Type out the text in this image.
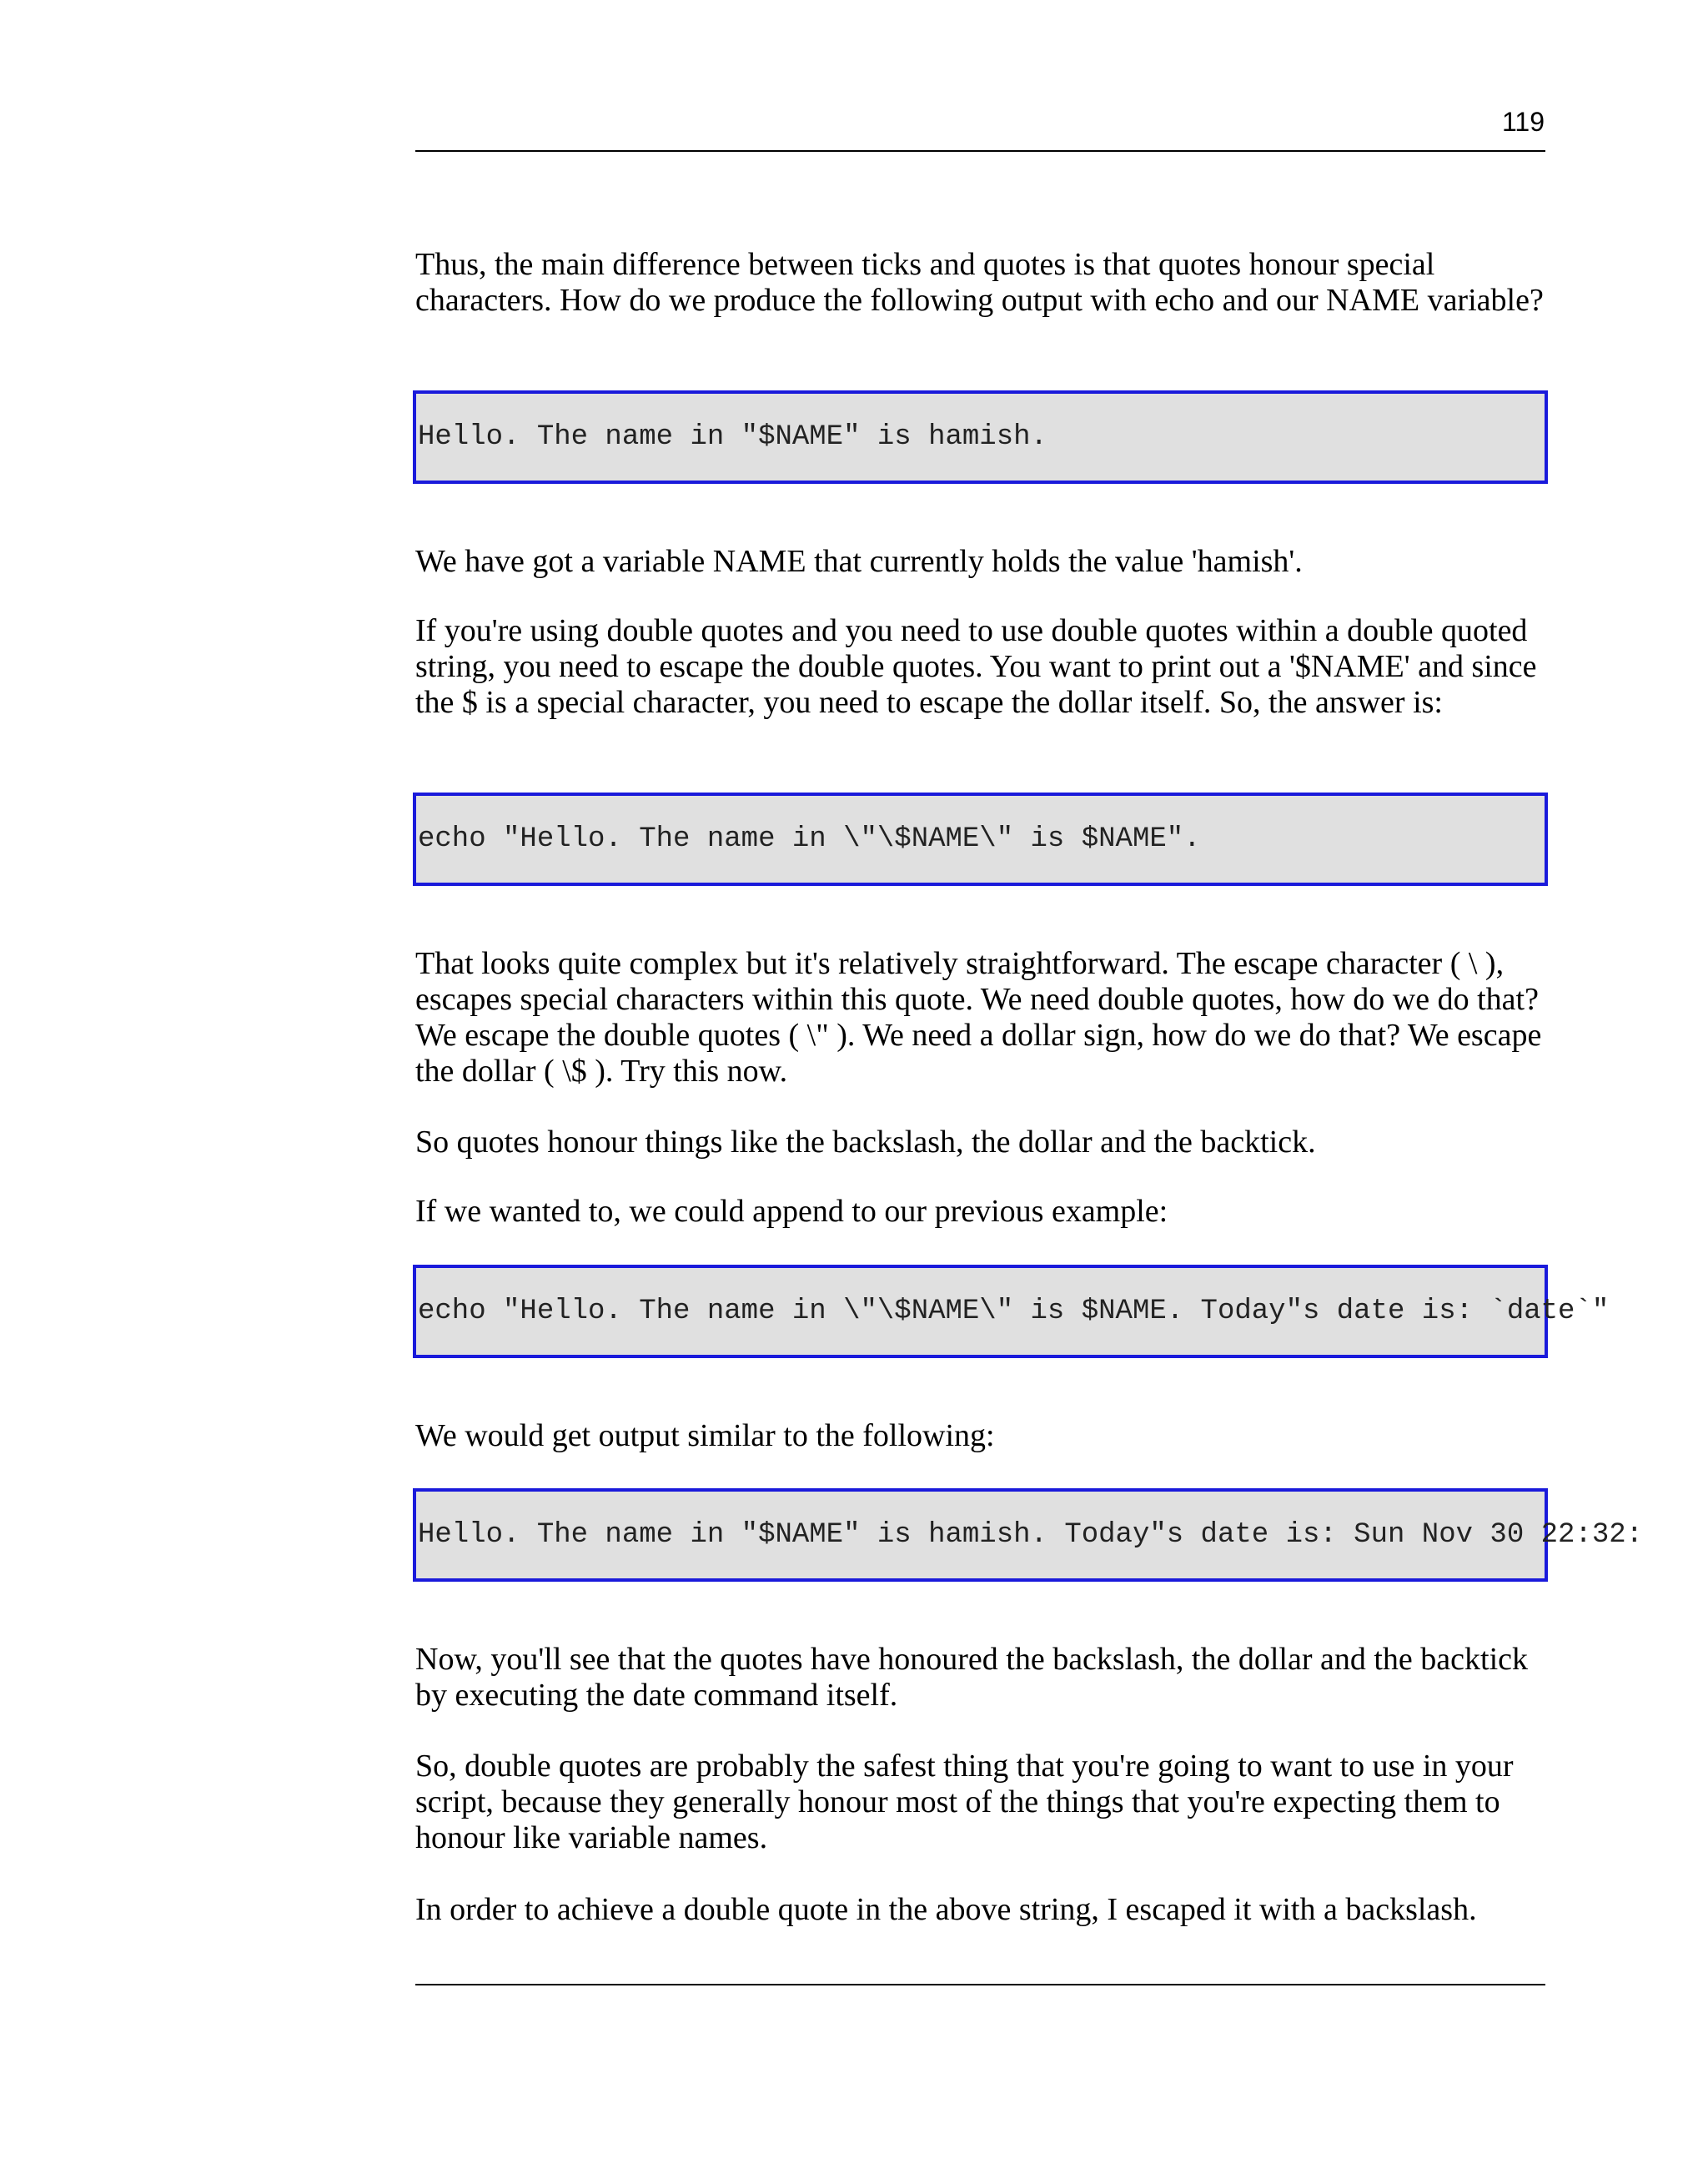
119

Thus, the main difference between ticks and quotes is that quotes honour special characters. How do we produce the following output with echo and our NAME variable?

Hello. The name in "$NAME" is hamish.

We have got a variable NAME that currently holds the value 'hamish'.

If you're using double quotes and you need to use double quotes within a double quoted string, you need to escape the double quotes. You want to print out a '$NAME' and since the $ is a special character, you need to escape the dollar itself. So, the answer is:

echo "Hello. The name in \"\$NAME\" is $NAME".

That looks quite complex but it's relatively straightforward. The escape character ( \ ), escapes special characters within this quote. We need double quotes, how do we do that? We escape the double quotes ( \" ). We need a dollar sign, how do we do that? We escape the dollar ( \$ ). Try this now.

So quotes honour things like the backslash, the dollar and the backtick.

If we wanted to, we could append to our previous example:

echo "Hello. The name in \"\$NAME\" is $NAME. Today"s date is: `date`"

We would get output similar to the following:

Hello. The name in "$NAME" is hamish. Today"s date is: Sun Nov 30 22:32:

Now, you'll see that the quotes have honoured the backslash, the dollar and the backtick by executing the date command itself.

So, double quotes are probably the safest thing that you're going to want to use in your script, because they generally honour most of the things that you're expecting them to honour like variable names.

In order to achieve a double quote in the above string, I escaped it with a backslash.
